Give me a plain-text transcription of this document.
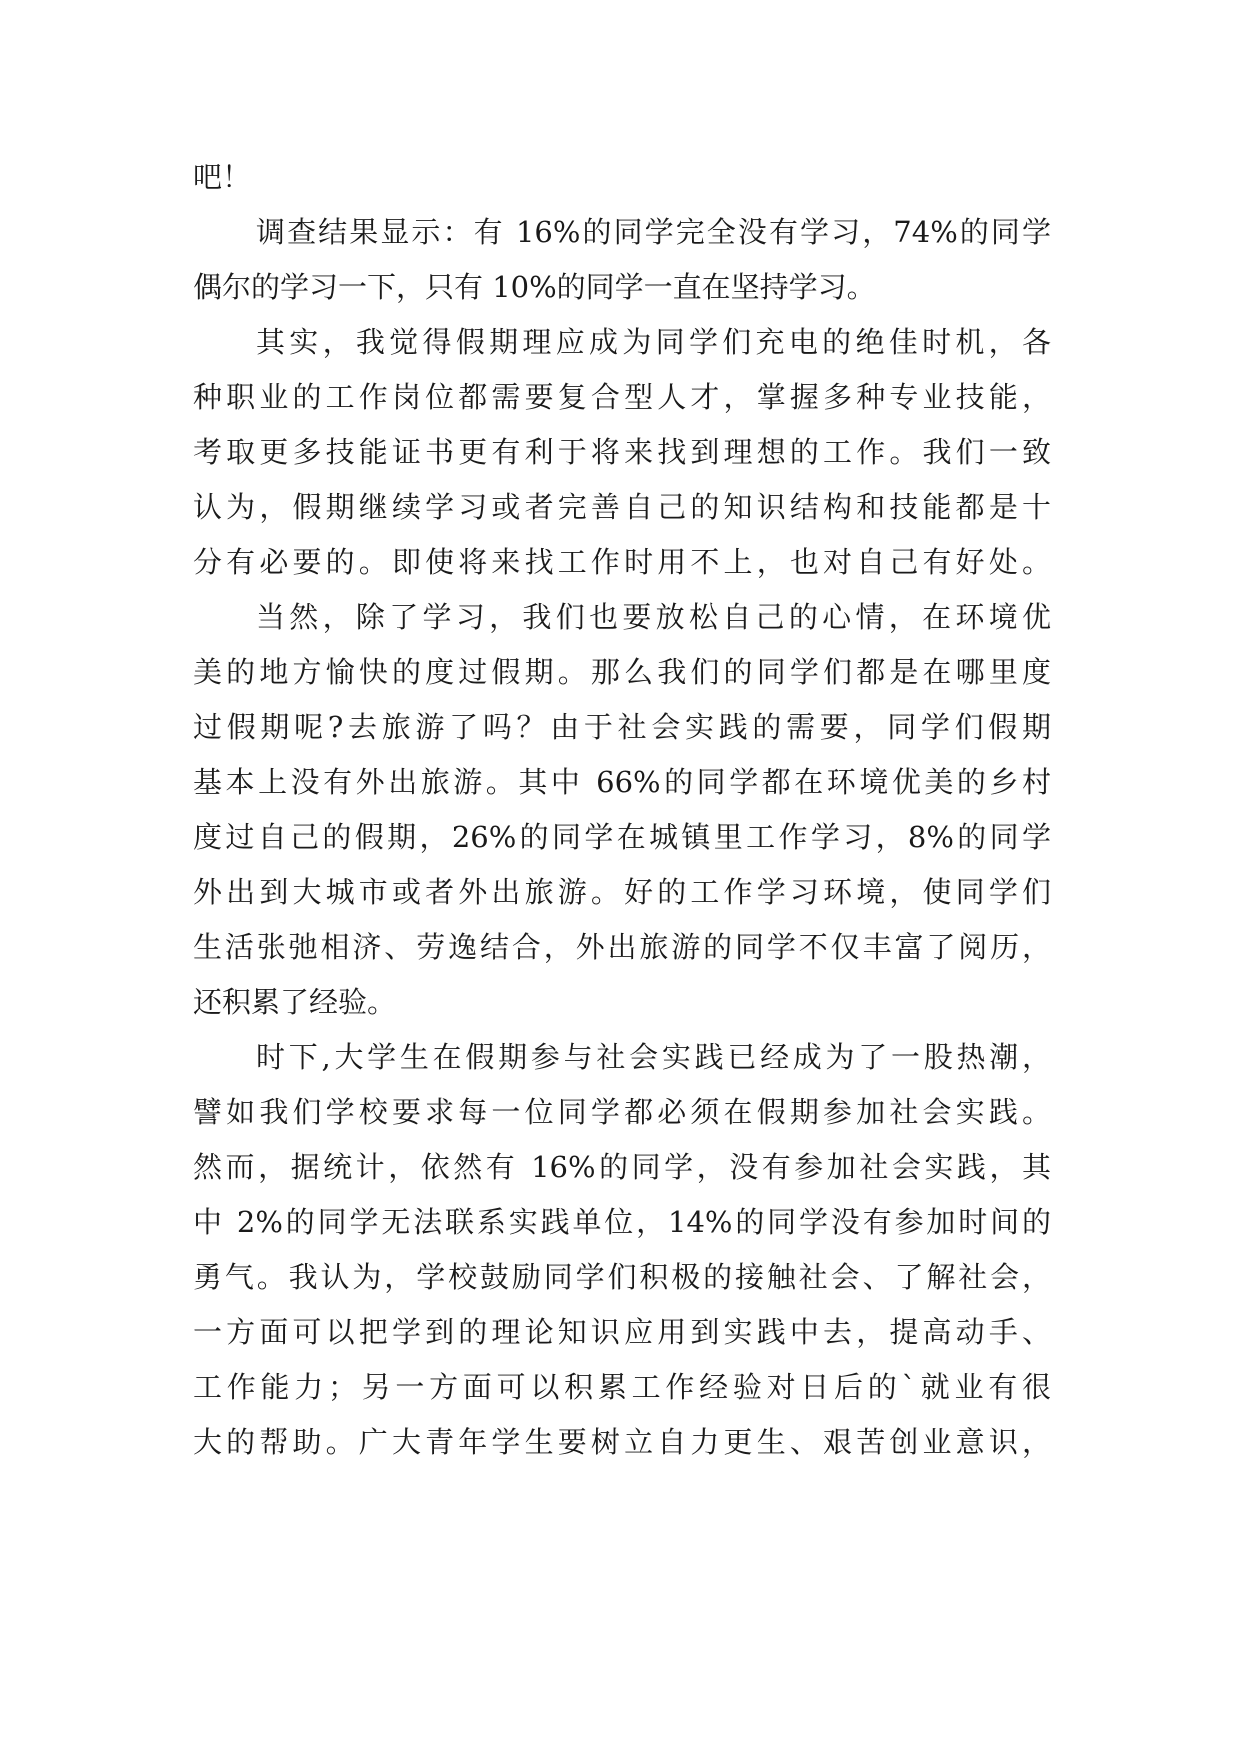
吧！
调查结果显示：有 16%的同学完全没有学习，74%的同学
偶尔的学习一下，只有 10%的同学一直在坚持学习。
其实，我觉得假期理应成为同学们充电的绝佳时机，各
种职业的工作岗位都需要复合型人才，掌握多种专业技能，
考取更多技能证书更有利于将来找到理想的工作。我们一致
认为，假期继续学习或者完善自己的知识结构和技能都是十
分有必要的。即使将来找工作时用不上，也对自己有好处。
当然，除了学习，我们也要放松自己的心情，在环境优
美的地方愉快的度过假期。那么我们的同学们都是在哪里度
过假期呢?去旅游了吗？由于社会实践的需要，同学们假期
基本上没有外出旅游。其中 66%的同学都在环境优美的乡村
度过自己的假期，26%的同学在城镇里工作学习，8%的同学
外出到大城市或者外出旅游。好的工作学习环境，使同学们
生活张弛相济、劳逸结合，外出旅游的同学不仅丰富了阅历，
还积累了经验。
时下,大学生在假期参与社会实践已经成为了一股热潮，
譬如我们学校要求每一位同学都必须在假期参加社会实践。
然而，据统计，依然有 16%的同学，没有参加社会实践，其
中 2%的同学无法联系实践单位，14%的同学没有参加时间的
勇气。我认为，学校鼓励同学们积极的接触社会、了解社会，
一方面可以把学到的理论知识应用到实践中去，提高动手、
工作能力；另一方面可以积累工作经验对日后的`就业有很
大的帮助。广大青年学生要树立自力更生、艰苦创业意识，
